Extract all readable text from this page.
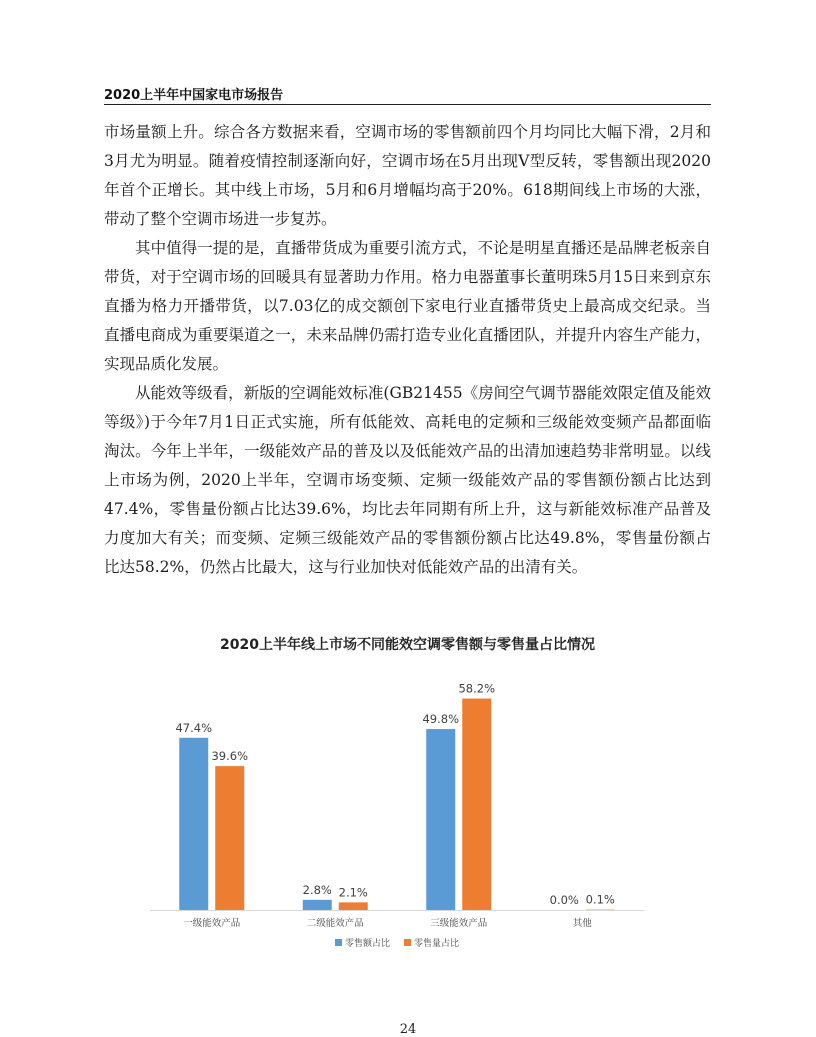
2020上半年中国家电市场报告

市场量额上升。综合各方数据来看，空调市场的零售额前四个月均同比大幅下滑，2月和3月尤为明显。随着疫情控制逐渐向好，空调市场在5月出现V型反转，零售额出现2020年首个正增长。其中线上市场，5月和6月增幅均高于20%。618期间线上市场的大涨，带动了整个空调市场进一步复苏。

其中值得一提的是，直播带货成为重要引流方式，不论是明星直播还是品牌老板亲自带货，对于空调市场的回暖具有显著助力作用。格力电器董事长董明珠5月15日来到京东直播为格力开播带货，以7.03亿的成交额创下家电行业直播带货史上最高成交纪录。当直播电商成为重要渠道之一，未来品牌仍需打造专业化直播团队，并提升内容生产能力，实现品质化发展。

从能效等级看，新版的空调能效标准(GB21455《房间空气调节器能效限定值及能效等级》)于今年7月1日正式实施，所有低能效、高耗电的定频和三级能效变频产品都面临淘汰。今年上半年，一级能效产品的普及以及低能效产品的出清加速趋势非常明显。以线上市场为例，2020上半年，空调市场变频、定频一级能效产品的零售额份额占比达到47.4%，零售量份额占比达39.6%，均比去年同期有所上升，这与新能效标准产品普及力度加大有关；而变频、定频三级能效产品的零售额份额占比达49.8%，零售量份额占比达58.2%，仍然占比最大，这与行业加快对低能效产品的出清有关。

2020上半年线上市场不同能效空调零售额与零售量占比情况
47.4%
39.6%
一级能效产品
2.8% 2.1%
二级能效产品
49.8%
58.2%
三级能效产品
0.0% 0.1%
其他
零售额占比	零售量占比
24
